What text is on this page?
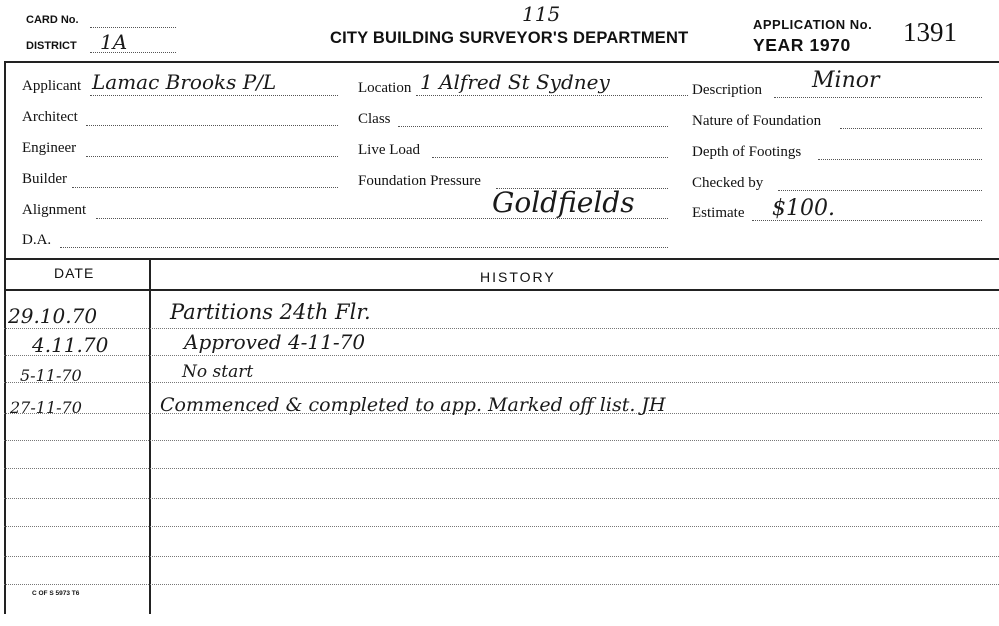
CARD No.
DISTRICT 1A
115
CITY BUILDING SURVEYOR'S DEPARTMENT
APPLICATION No. 1391
YEAR 1970
Applicant Lamac Brooks P/L
Architect
Engineer
Builder
Alignment
D.A.
Location 1 Alfred St Sydney
Class
Live Load
Foundation Pressure
Goldfields
Description Minor
Nature of Foundation
Depth of Footings
Checked by
Estimate $100.
DATE	HISTORY
29.10.70	Partitions 24th Flr.
4.11.70	Approved 4-11-70
5-11-70	No start
27-11-70	Commenced & completed to app. Marked off list. JH
C OF S 5973 T6
